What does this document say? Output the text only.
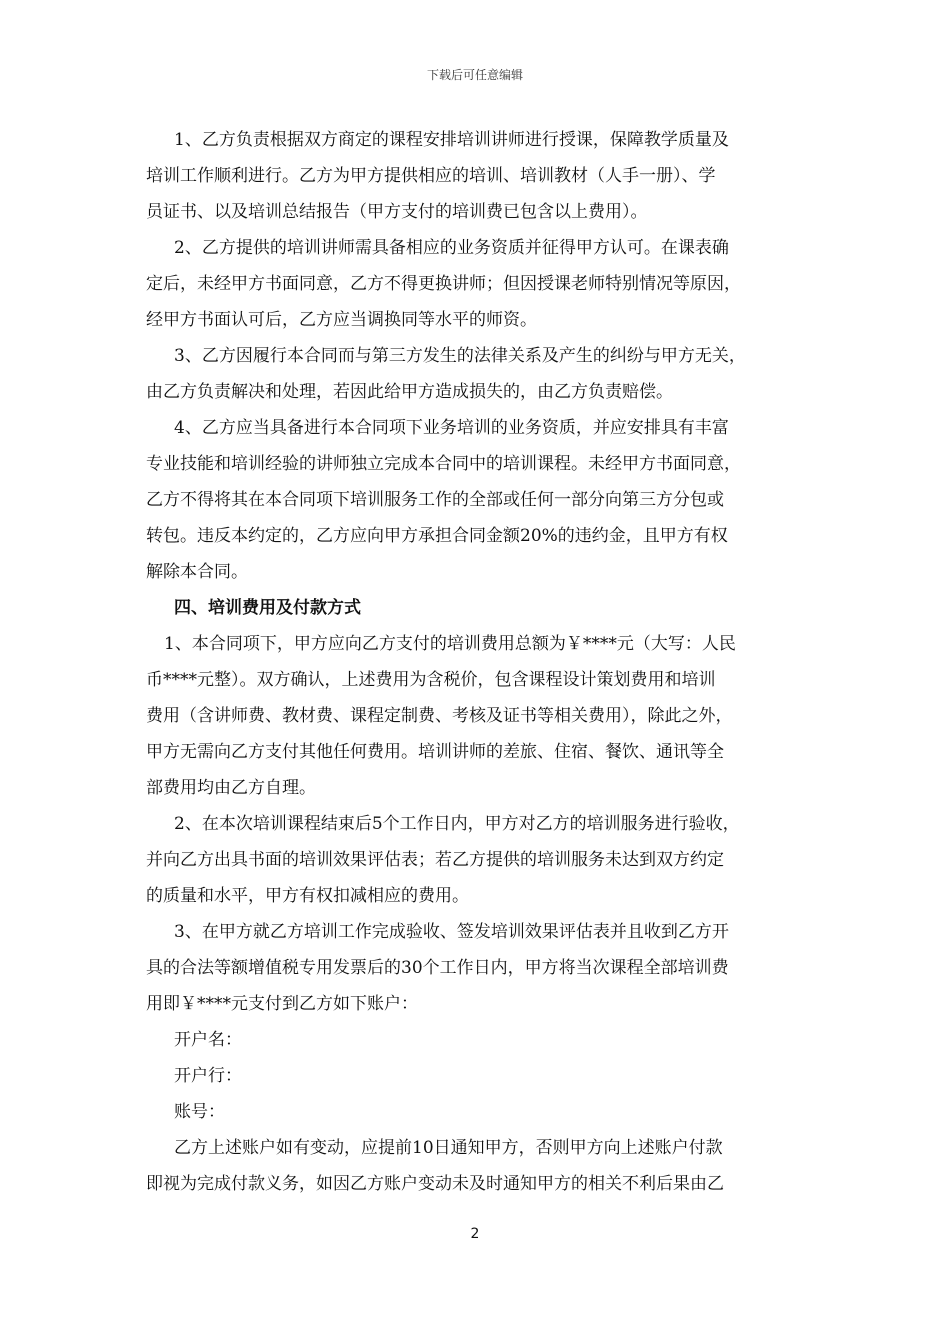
下载后可任意编辑
1、乙方负责根据双方商定的课程安排培训讲师进行授课，保障教学质量及
培训工作顺利进行。乙方为甲方提供相应的培训、培训教材（人手一册）、学
员证书、以及培训总结报告（甲方支付的培训费已包含以上费用）。
2、乙方提供的培训讲师需具备相应的业务资质并征得甲方认可。在课表确
定后，未经甲方书面同意，乙方不得更换讲师；但因授课老师特别情况等原因，
经甲方书面认可后，乙方应当调换同等水平的师资。
3、乙方因履行本合同而与第三方发生的法律关系及产生的纠纷与甲方无关，
由乙方负责解决和处理，若因此给甲方造成损失的，由乙方负责赔偿。
4、乙方应当具备进行本合同项下业务培训的业务资质，并应安排具有丰富
专业技能和培训经验的讲师独立完成本合同中的培训课程。未经甲方书面同意，
乙方不得将其在本合同项下培训服务工作的全部或任何一部分向第三方分包或
转包。违反本约定的，乙方应向甲方承担合同金额20%的违约金，且甲方有权
解除本合同。
四、培训费用及付款方式
1、本合同项下，甲方应向乙方支付的培训费用总额为￥****元（大写：人民
币****元整）。双方确认，上述费用为含税价，包含课程设计策划费用和培训
费用（含讲师费、教材费、课程定制费、考核及证书等相关费用），除此之外，
甲方无需向乙方支付其他任何费用。培训讲师的差旅、住宿、餐饮、通讯等全
部费用均由乙方自理。
2、在本次培训课程结束后5个工作日内，甲方对乙方的培训服务进行验收，
并向乙方出具书面的培训效果评估表；若乙方提供的培训服务未达到双方约定
的质量和水平，甲方有权扣减相应的费用。
3、在甲方就乙方培训工作完成验收、签发培训效果评估表并且收到乙方开
具的合法等额增值税专用发票后的30个工作日内，甲方将当次课程全部培训费
用即￥****元支付到乙方如下账户：
开户名：
开户行：
账号：
乙方上述账户如有变动，应提前10日通知甲方，否则甲方向上述账户付款
即视为完成付款义务，如因乙方账户变动未及时通知甲方的相关不利后果由乙
2
